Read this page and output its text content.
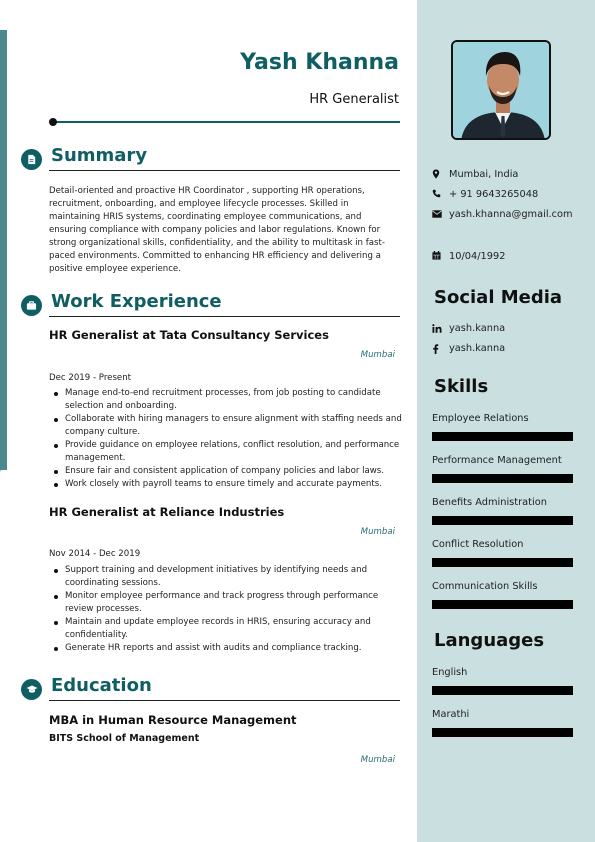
Yash Khanna
HR Generalist
Summary
Detail-oriented and proactive HR Coordinator , supporting HR operations, recruitment, onboarding, and employee lifecycle processes. Skilled in maintaining HRIS systems, coordinating employee communications, and ensuring compliance with company policies and labor regulations. Known for strong organizational skills, confidentiality, and the ability to multitask in fast-paced environments. Committed to enhancing HR efficiency and delivering a positive employee experience.
Work Experience
HR Generalist at Tata Consultancy Services
Mumbai
Dec 2019 - Present
Manage end-to-end recruitment processes, from job posting to candidate selection and onboarding.
Collaborate with hiring managers to ensure alignment with staffing needs and company culture.
Provide guidance on employee relations, conflict resolution, and performance management.
Ensure fair and consistent application of company policies and labor laws.
Work closely with payroll teams to ensure timely and accurate payments.
HR Generalist at Reliance Industries
Mumbai
Nov 2014 - Dec 2019
Support training and development initiatives by identifying needs and coordinating sessions.
Monitor employee performance and track progress through performance review processes.
Maintain and update employee records in HRIS, ensuring accuracy and confidentiality.
Generate HR reports and assist with audits and compliance tracking.
Education
MBA in Human Resource Management
BITS School of Management
Mumbai
Mumbai, India
+ 91 9643265048
yash.khanna@gmail.com
10/04/1992
Social Media
yash.kanna
yash.kanna
Skills
Employee Relations
Performance Management
Benefits Administration
Conflict Resolution
Communication Skills
Languages
English
Marathi
